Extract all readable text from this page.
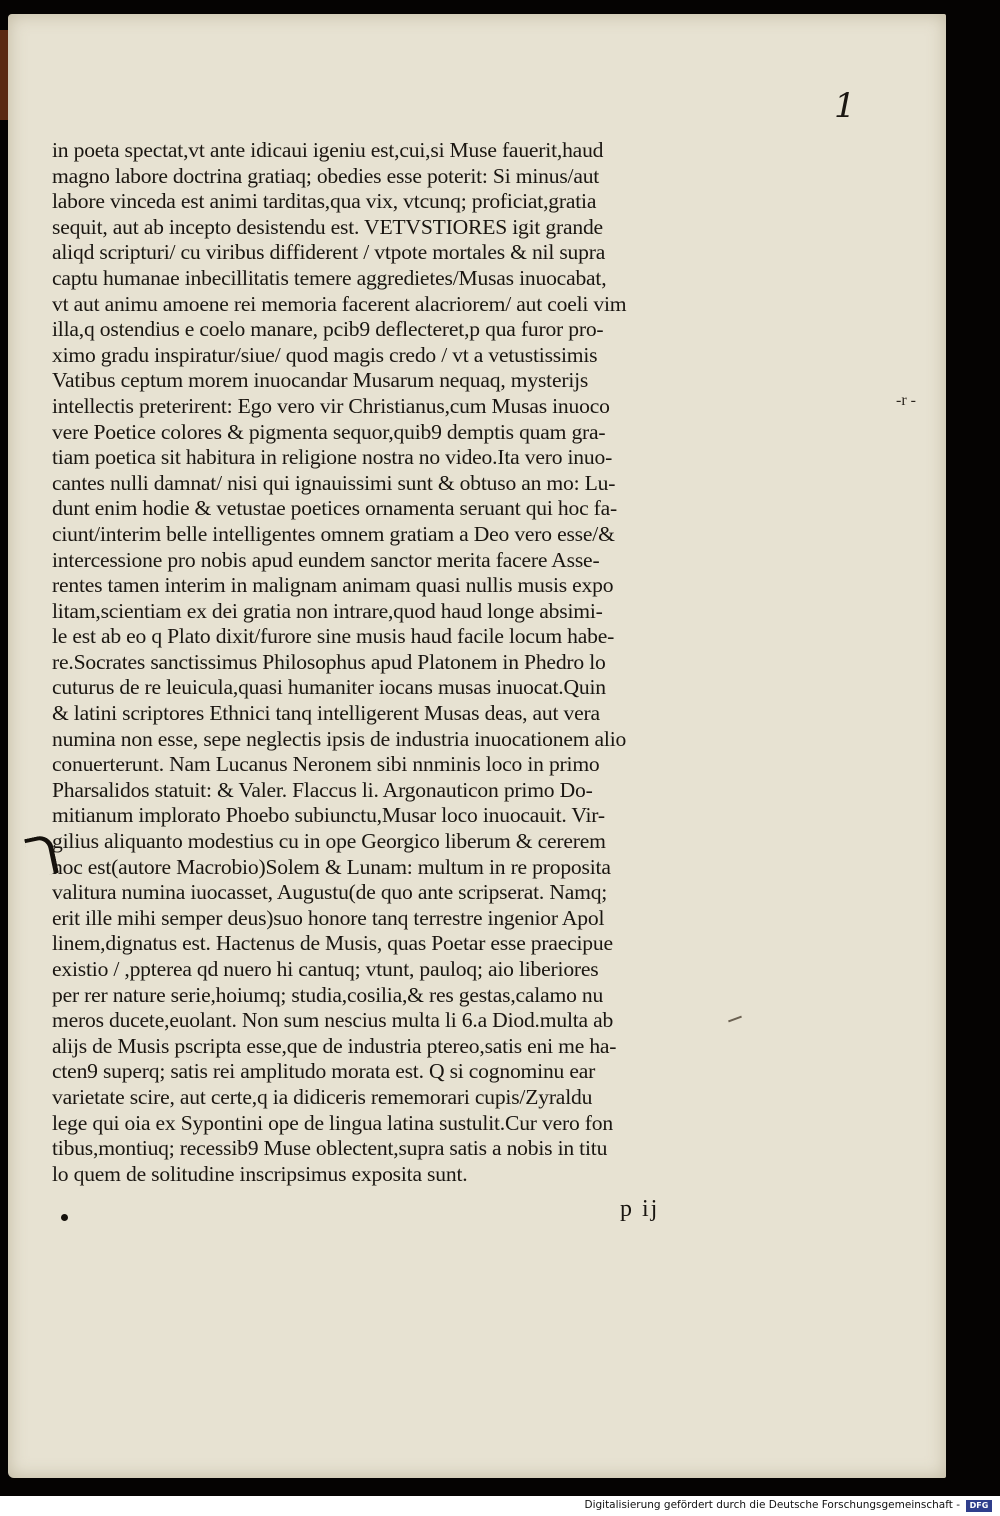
1
-r -
in poeta spectat,vt ante idicaui igeniu est,cui,si Muse fauerit,haud
magno labore doctrina gratiaq; obedies esse poterit: Si minus/aut
labore vinceda est animi tarditas,qua vix, vtcunq; proficiat,gratia
sequit, aut ab incepto desistendu est. VETVSTIORES igit grande
aliqd scripturi/ cu viribus diffiderent / vtpote mortales & nil supra
captu humanae inbecillitatis temere aggredietes/Musas inuocabat,
vt aut animu amoene rei memoria facerent alacriorem/ aut coeli vim
illa,q ostendius e coelo manare, pcib9 deflecteret,p qua furor pro-
ximo gradu inspiratur/siue/ quod magis credo / vt a vetustissimis
Vatibus ceptum morem inuocandar Musarum nequaq, mysterijs
intellectis preterirent: Ego vero vir Christianus,cum Musas inuoco
vere Poetice colores & pigmenta sequor,quib9 demptis quam gra-
tiam poetica sit habitura in religione nostra no video.Ita vero inuo-
cantes nulli damnat/ nisi qui ignauissimi sunt & obtuso an mo: Lu-
dunt enim hodie & vetustae poetices ornamenta seruant qui hoc fa-
ciunt/interim belle intelligentes omnem gratiam a Deo vero esse/&
intercessione pro nobis apud eundem sanctor merita facere Asse-
rentes tamen interim in malignam animam quasi nullis musis expo
litam,scientiam ex dei gratia non intrare,quod haud longe absimi-
le est ab eo q Plato dixit/furore sine musis haud facile locum habe-
re.Socrates sanctissimus Philosophus apud Platonem in Phedro lo
cuturus de re leuicula,quasi humaniter iocans musas inuocat.Quin
& latini scriptores Ethnici tanq intelligerent Musas deas, aut vera
numina non esse, sepe neglectis ipsis de industria inuocationem alio
conuerterunt. Nam Lucanus Neronem sibi nnminis loco in primo
Pharsalidos statuit: & Valer. Flaccus li. Argonauticon primo Do-
mitianum implorato Phoebo subiunctu,Musar loco inuocauit. Vir-
gilius aliquanto modestius cu in ope Georgico liberum & cererem
hoc est(autore Macrobio)Solem & Lunam: multum in re proposita
valitura numina iuocasset, Augustu(de quo ante scripserat. Namq;
erit ille mihi semper deus)suo honore tanq terrestre ingenior Apol
linem,dignatus est. Hactenus de Musis, quas Poetar esse praecipue
existio / ,ppterea qd nuero hi cantuq; vtunt, pauloq; aio liberiores
per rer nature serie,hoiumq; studia,cosilia,& res gestas,calamo nu
meros ducete,euolant. Non sum nescius multa li 6.a Diod.multa ab
alijs de Musis pscripta esse,que de industria ptereo,satis eni me ha-
cten9 superq; satis rei amplitudo morata est. Q si cognominu ear
varietate scire, aut certe,q ia didiceris rememorari cupis/Zyraldu
lege qui oia ex Sypontini ope de lingua latina sustulit.Cur vero fon
tibus,montiuq; recessib9 Muse oblectent,supra satis a nobis in titu
lo quem de solitudine inscripsimus exposita sunt.
p ij
Digitalisierung gefördert durch die Deutsche Forschungsgemeinschaft -	DFG
